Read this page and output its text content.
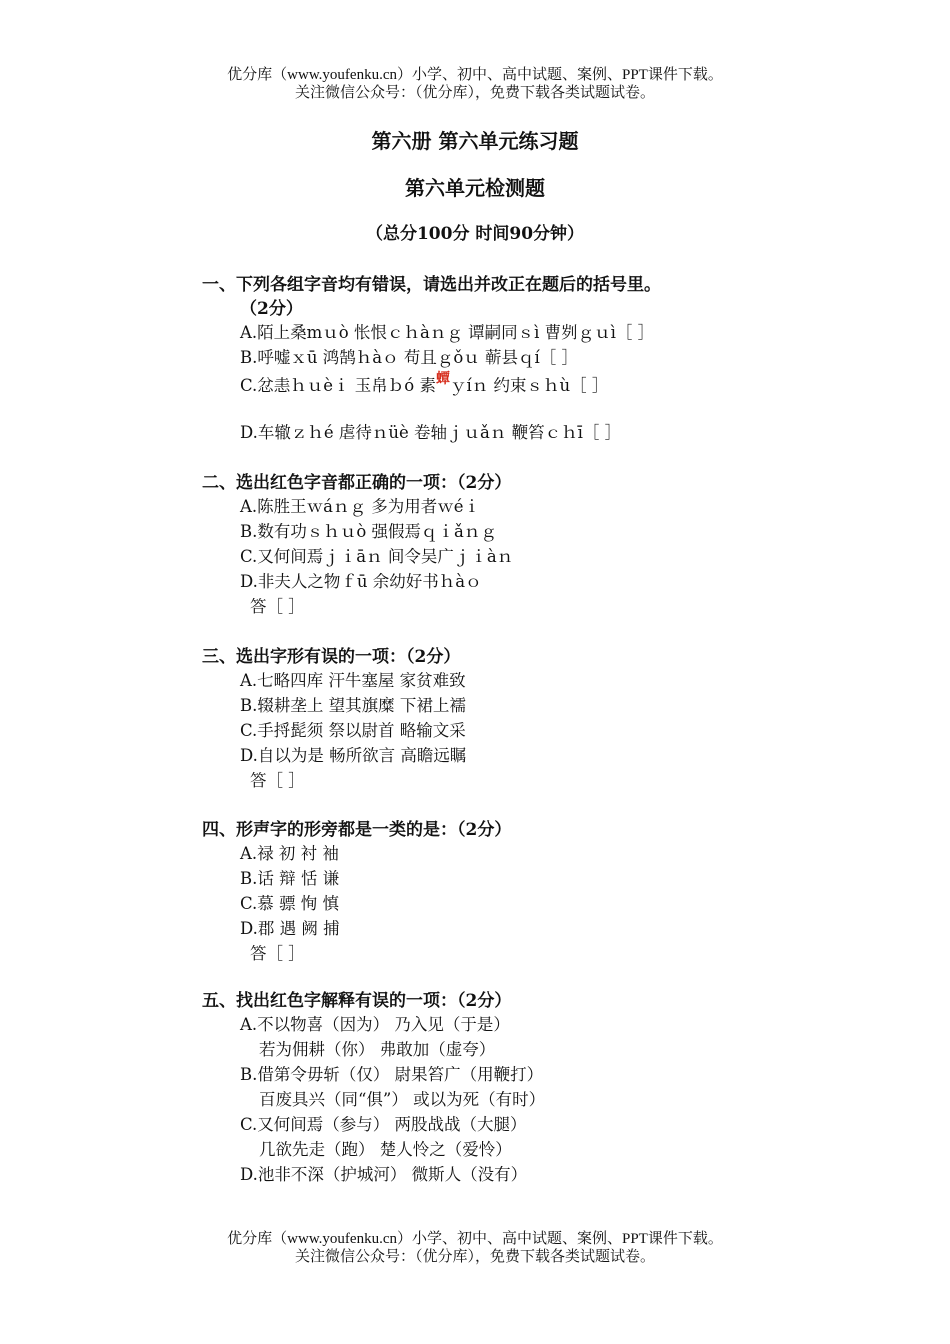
优分库（www.youfenku.cn）小学、初中、高中试题、案例、PPT课件下载。
关注微信公众号：（优分库），免费下载各类试题试卷。
第六册 第六单元练习题
第六单元检测题
（总分100分 时间90分钟）
一、下列各组字音均有错误，请选出并改正在题后的括号里。
（2分）
A.陌上桑mｕò 怅恨ｃｈàｎｇ 谭嗣同ｓì 曹刿ｇｕì［ ］
B.呼嘘ｘū 鸿鹄ｈàｏ 苟且ｇǒｕ 蕲县ｑí［ ］
C.忿恚ｈｕèｉ 玉帛ｂó 素蟫ｙíｎ 约束ｓｈù［ ］
D.车辙ｚｈé 虐待ｎüè 卷轴ｊｕǎｎ 鞭笞ｃｈī［ ］
二、选出红色字音都正确的一项：（2分）
A.陈胜王ｗáｎｇ 多为用者ｗéｉ
B.数有功ｓｈｕò 强假焉ｑｉǎｎｇ
C.又何间焉ｊｉāｎ 间令吴广ｊｉàｎ
D.非夫人之物ｆū 余幼好书ｈàｏ
答［ ］
三、选出字形有误的一项：（2分）
A.七略四库 汗牛塞屋 家贫难致
B.辍耕垄上 望其旗糜 下裙上襦
C.手捋髭须 祭以尉首 略输文采
D.自以为是 畅所欲言 高瞻远瞩
答［ ］
四、形声字的形旁都是一类的是：（2分）
A.禄 初 衬 袖
B.话 辩 恬 谦
C.慕 骠 恂 慎
D.郡 遇 阙 捕
答［ ］
五、找出红色字解释有误的一项：（2分）
A.不以物喜（因为） 乃入见（于是）
若为佣耕（你） 弗敢加（虚夸）
B.借第令毋斩（仅） 尉果笞广（用鞭打）
百废具兴（同“俱”） 或以为死（有时）
C.又何间焉（参与） 两股战战（大腿）
几欲先走（跑） 楚人怜之（爱怜）
D.池非不深（护城河） 微斯人（没有）
优分库（www.youfenku.cn）小学、初中、高中试题、案例、PPT课件下载。
关注微信公众号：（优分库），免费下载各类试题试卷。
